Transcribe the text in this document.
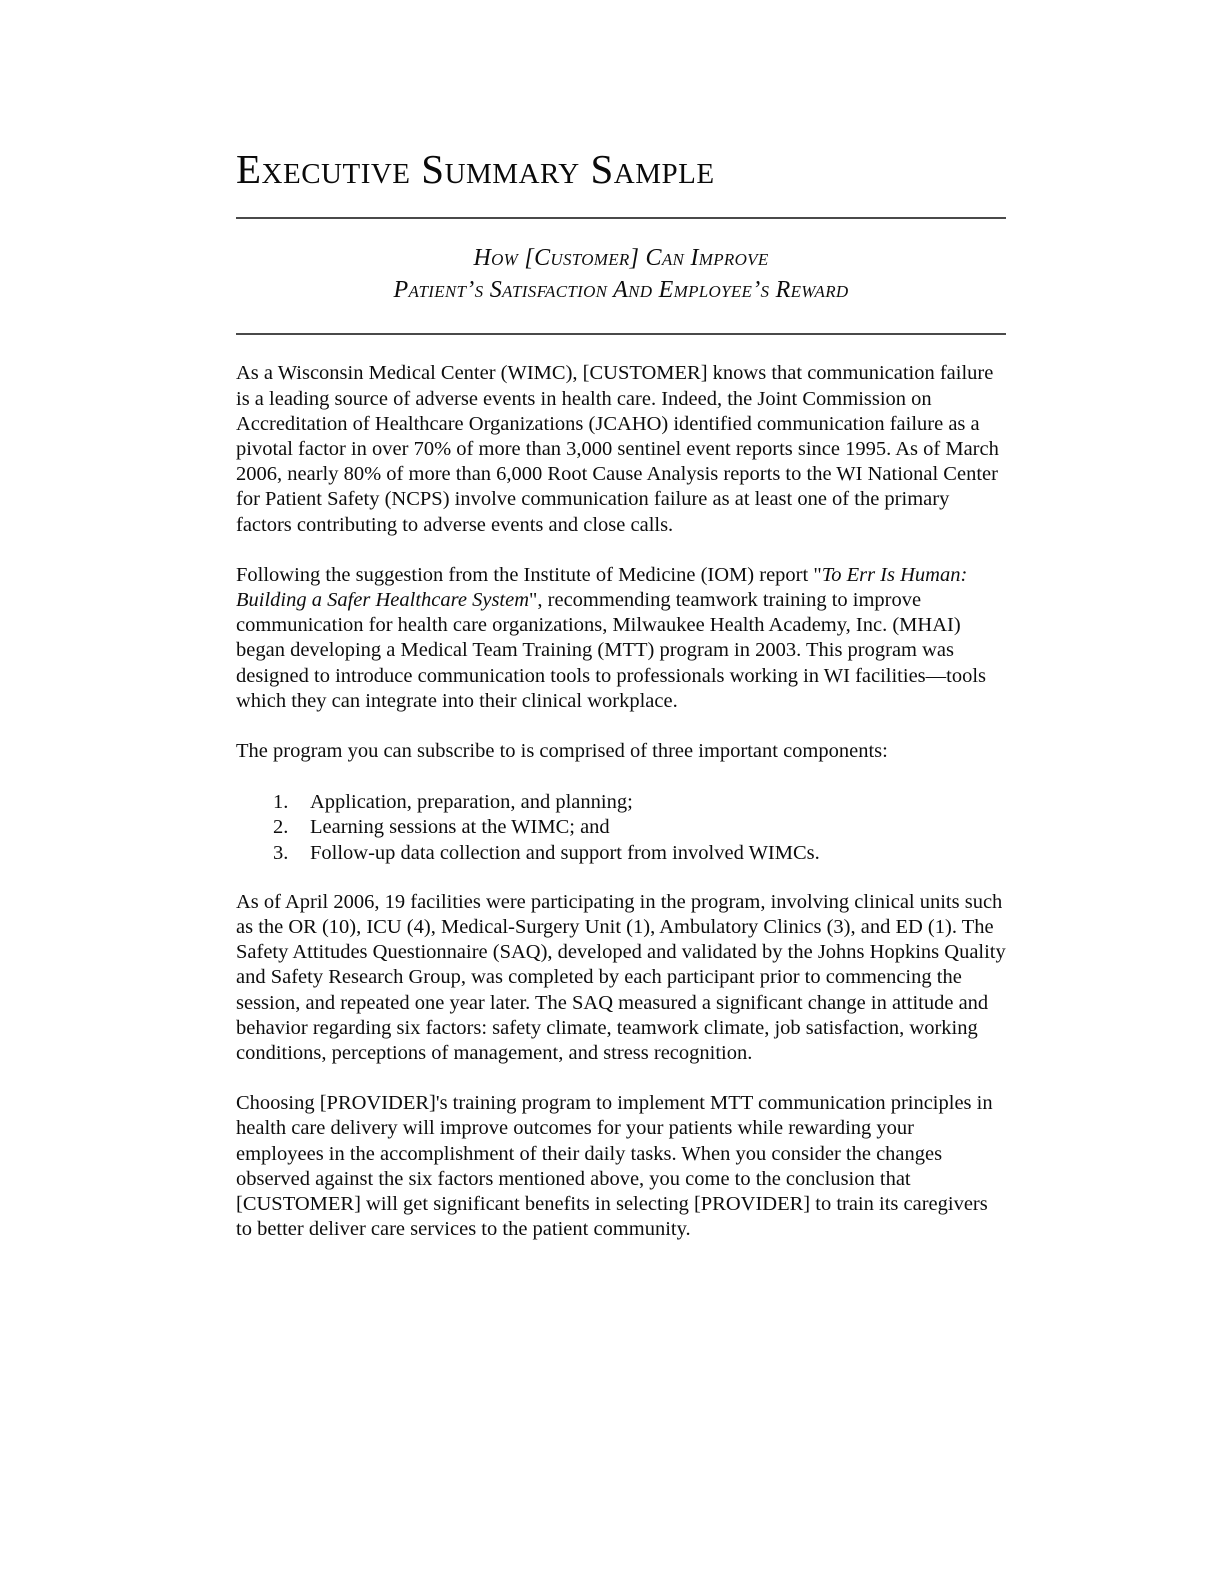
Executive Summary Sample
How [Customer] Can Improve
Patient’s Satisfaction And Employee’s Reward

As a Wisconsin Medical Center (WIMC), [CUSTOMER] knows that communication failure is a leading source of adverse events in health care. Indeed, the Joint Commission on Accreditation of Healthcare Organizations (JCAHO) identified communication failure as a pivotal factor in over 70% of more than 3,000 sentinel event reports since 1995. As of March 2006, nearly 80% of more than 6,000 Root Cause Analysis reports to the WI National Center for Patient Safety (NCPS) involve communication failure as at least one of the primary factors contributing to adverse events and close calls.

Following the suggestion from the Institute of Medicine (IOM) report "To Err Is Human: Building a Safer Healthcare System", recommending teamwork training to improve communication for health care organizations, Milwaukee Health Academy, Inc. (MHAI) began developing a Medical Team Training (MTT) program in 2003. This program was designed to introduce communication tools to professionals working in WI facilities—tools which they can integrate into their clinical workplace.

The program you can subscribe to is comprised of three important components:

1.	Application, preparation, and planning;
2.	Learning sessions at the WIMC; and
3.	Follow-up data collection and support from involved WIMCs.

As of April 2006, 19 facilities were participating in the program, involving clinical units such as the OR (10), ICU (4), Medical-Surgery Unit (1), Ambulatory Clinics (3), and ED (1). The Safety Attitudes Questionnaire (SAQ), developed and validated by the Johns Hopkins Quality and Safety Research Group, was completed by each participant prior to commencing the session, and repeated one year later. The SAQ measured a significant change in attitude and behavior regarding six factors: safety climate, teamwork climate, job satisfaction, working conditions, perceptions of management, and stress recognition.

Choosing [PROVIDER]'s training program to implement MTT communication principles in health care delivery will improve outcomes for your patients while rewarding your employees in the accomplishment of their daily tasks. When you consider the changes observed against the six factors mentioned above, you come to the conclusion that [CUSTOMER] will get significant benefits in selecting [PROVIDER] to train its caregivers to better deliver care services to the patient community.
